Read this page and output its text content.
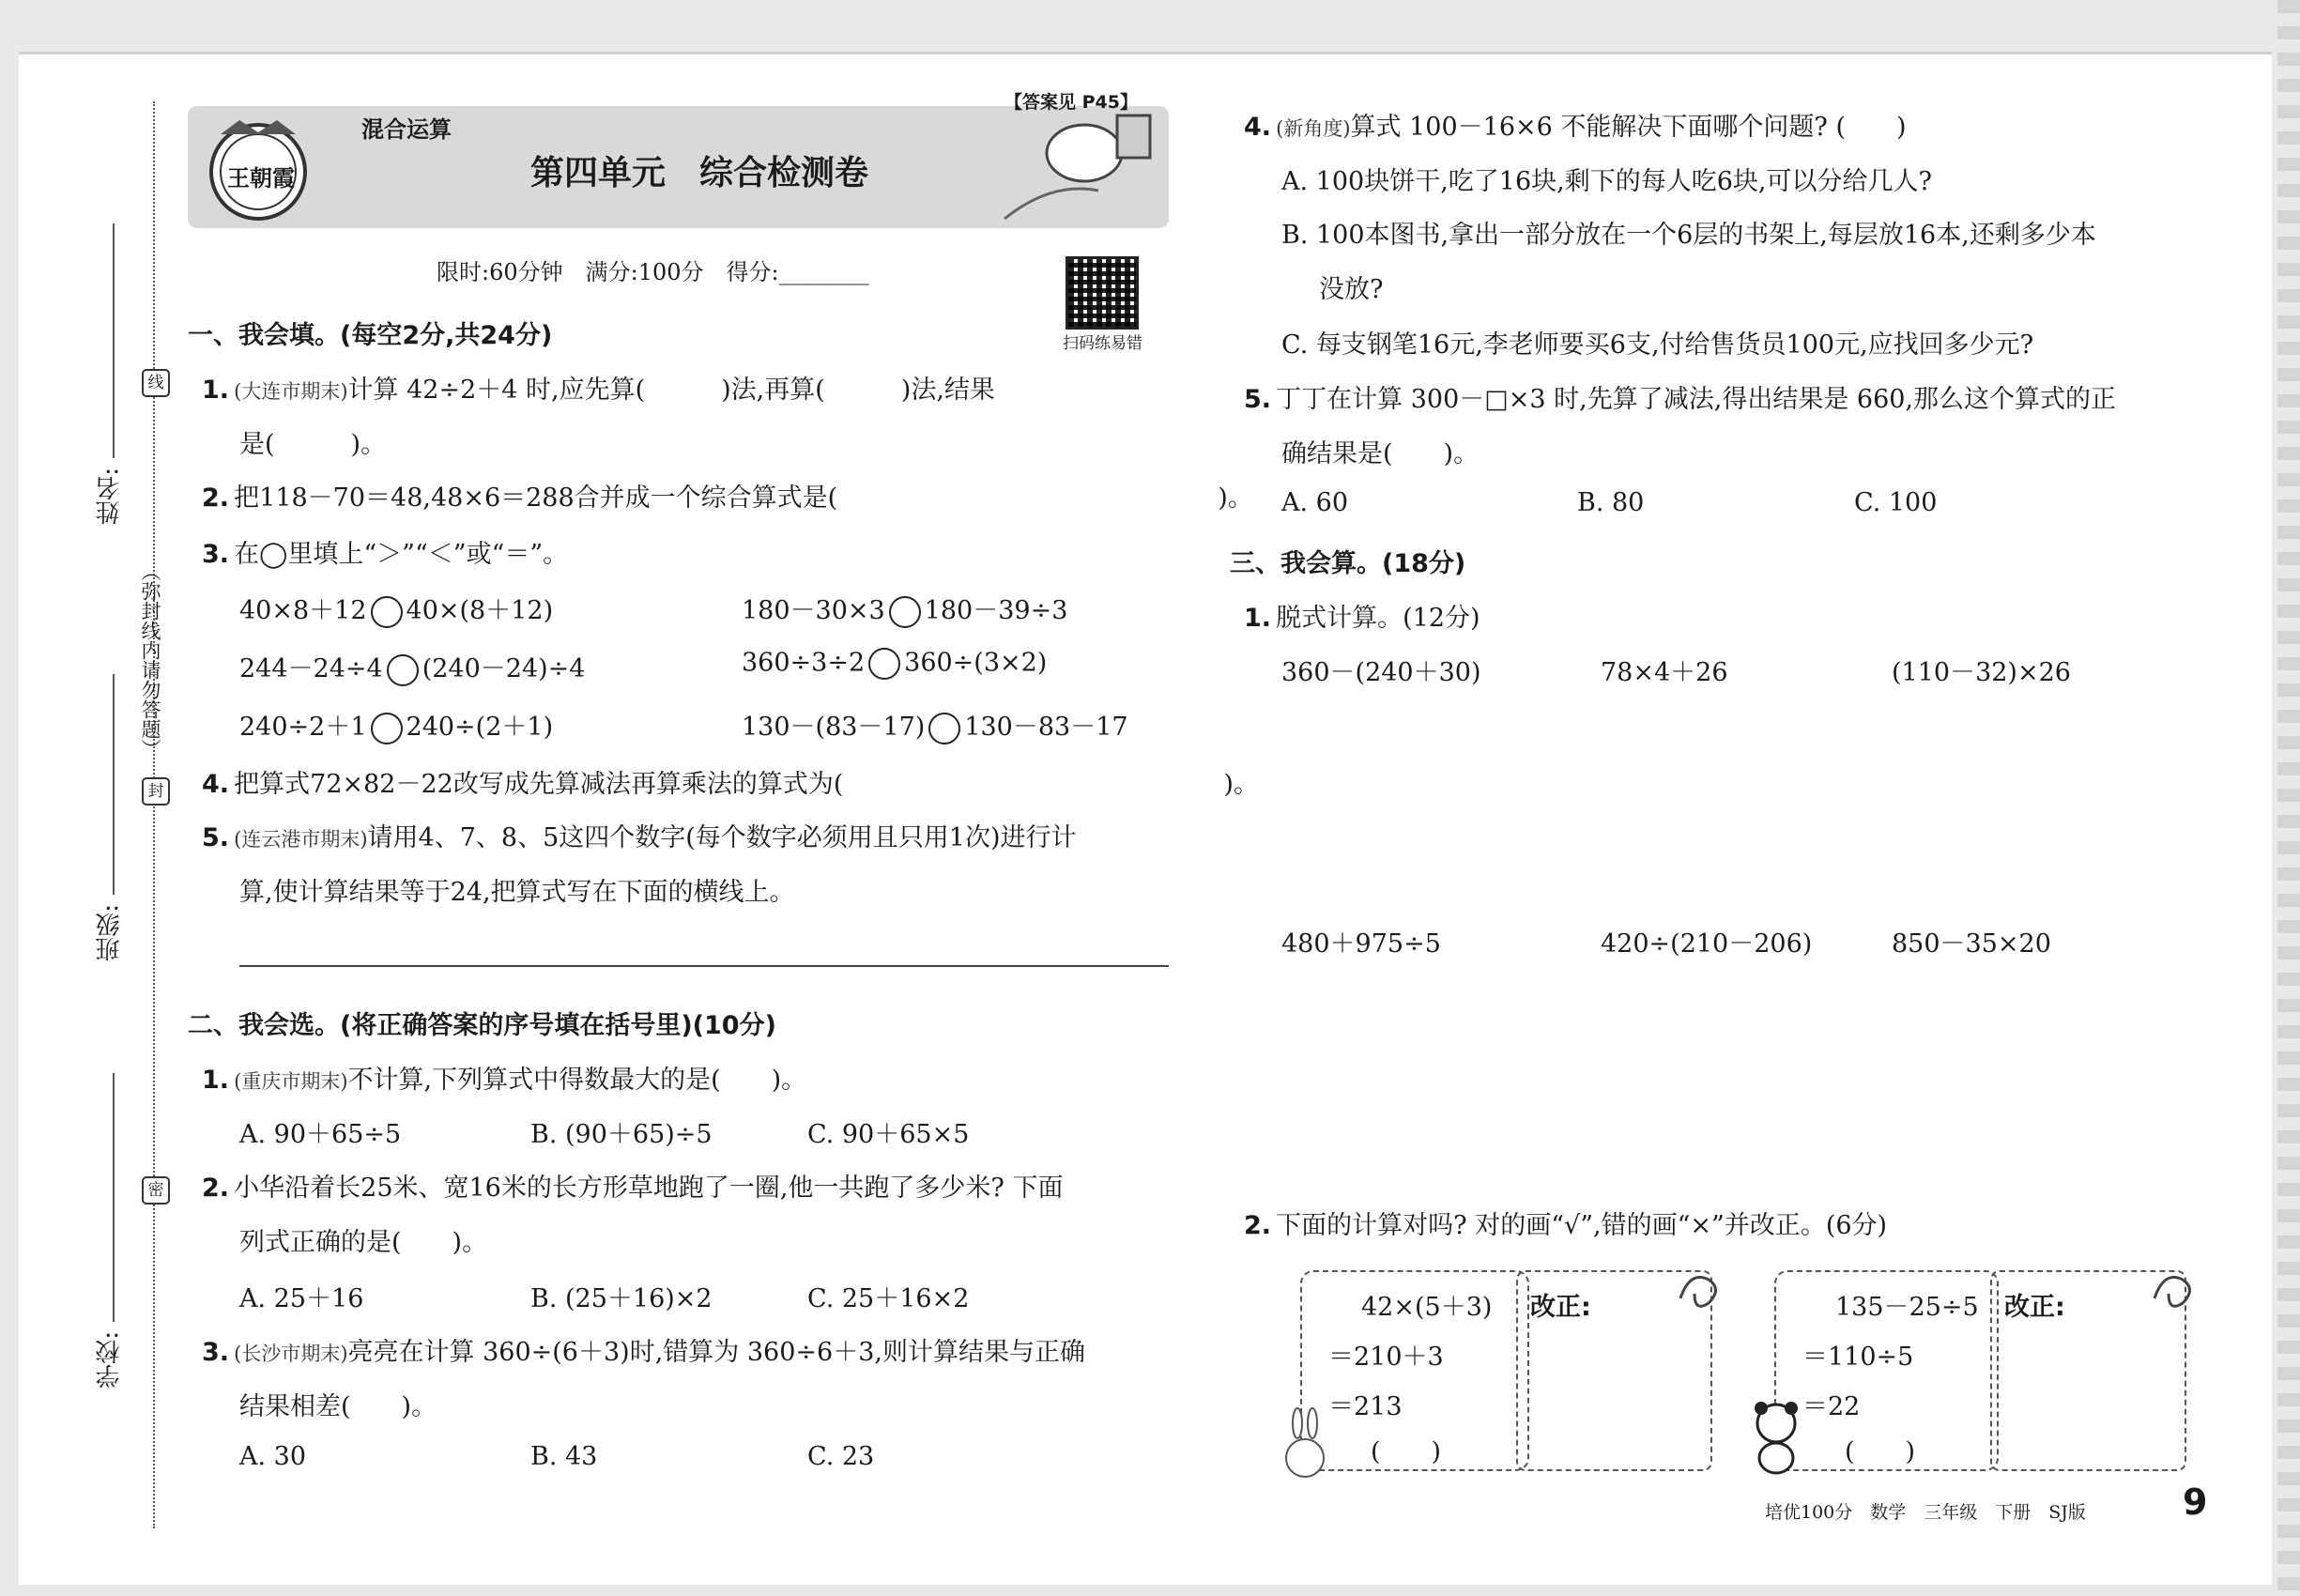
姓名:
班级:
学校:
（弥封线内请勿答题）
线
封
密
王朝霞
混合运算
第四单元　综合检测卷
【答案见 P45】
限时:60分钟　满分:100分　得分:________
扫码练易错
一、我会填。(每空2分,共24分)
1. (大连市期末)计算 42÷2＋4 时,应先算(　　　)法,再算(　　　)法,结果
是(　　　)。
2. 把118－70＝48,48×6＝288合并成一个综合算式是(　　　　　　　　　　　　　　　)。
3. 在◯里填上“＞”“＜”或“＝”。
40×8＋12 40×(8＋12)	180－30×3 180－39÷3
244－24÷4 (240－24)÷4	360÷3÷2 360÷(3×2)
240÷2＋1 240÷(2＋1)	130－(83－17) 130－83－17
4. 把算式72×82－22改写成先算减法再算乘法的算式为(　　　　　　　　　　　　　　　)。
5. (连云港市期末)请用4、7、8、5这四个数字(每个数字必须用且只用1次)进行计
算,使计算结果等于24,把算式写在下面的横线上。
二、我会选。(将正确答案的序号填在括号里)(10分)
1. (重庆市期末)不计算,下列算式中得数最大的是(　　)。
A. 90＋65÷5	B. (90＋65)÷5	C. 90＋65×5
2. 小华沿着长25米、宽16米的长方形草地跑了一圈,他一共跑了多少米? 下面
列式正确的是(　　)。
A. 25＋16	B. (25＋16)×2	C. 25＋16×2
3. (长沙市期末)亮亮在计算 360÷(6＋3)时,错算为 360÷6＋3,则计算结果与正确
结果相差(　　)。
A. 30	B. 43	C. 23
4. (新角度)算式 100－16×6 不能解决下面哪个问题? (　　)
A. 100块饼干,吃了16块,剩下的每人吃6块,可以分给几人?
B. 100本图书,拿出一部分放在一个6层的书架上,每层放16本,还剩多少本
没放?
C. 每支钢笔16元,李老师要买6支,付给售货员100元,应找回多少元?
5. 丁丁在计算 300－□×3 时,先算了减法,得出结果是 660,那么这个算式的正
确结果是(　　)。
A. 60	B. 80	C. 100
三、我会算。(18分)
1. 脱式计算。(12分)
360－(240＋30)	78×4＋26	(110－32)×26
480＋975÷5	420÷(210－206)	850－35×20
2. 下面的计算对吗? 对的画“√”,错的画“×”并改正。(6分)
42×(5＋3)
＝210＋3
＝213
(　　)
改正:	135－25÷5
＝110÷5
＝22
(　　)
改正:
培优100分　数学　三年级　下册　SJ版	9
